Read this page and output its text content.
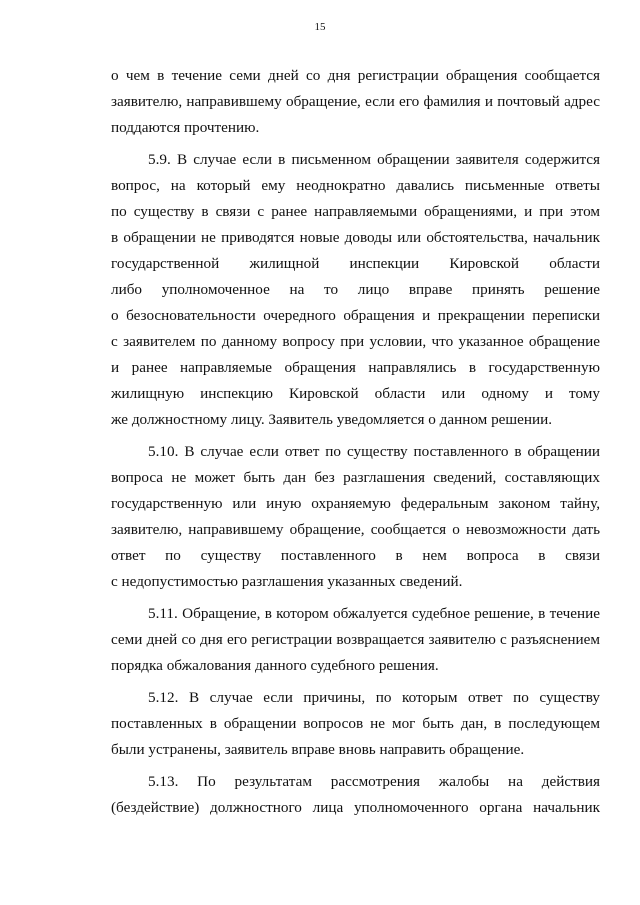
15
о чем в течение семи дней со дня регистрации обращения сообщается
заявителю, направившему обращение, если его фамилия и почтовый адрес
поддаются прочтению.
5.9. В случае если в письменном обращении заявителя содержится
вопрос, на который ему неоднократно давались письменные ответы
по существу в связи с ранее направляемыми обращениями, и при этом
в обращении не приводятся новые доводы или обстоятельства, начальник
государственной жилищной инспекции Кировской области
либо уполномоченное на то лицо вправе принять решение
о безосновательности очередного обращения и прекращении переписки
с заявителем по данному вопросу при условии, что указанное обращение
и ранее направляемые обращения направлялись в государственную
жилищную инспекцию Кировской области или одному и тому
же должностному лицу. Заявитель уведомляется о данном решении.
5.10. В случае если ответ по существу поставленного в обращении
вопроса не может быть дан без разглашения сведений, составляющих
государственную или иную охраняемую федеральным законом тайну,
заявителю, направившему обращение, сообщается о невозможности дать
ответ по существу поставленного в нем вопроса в связи
с недопустимостью разглашения указанных сведений.
5.11. Обращение, в котором обжалуется судебное решение, в течение
семи дней со дня его регистрации возвращается заявителю с разъяснением
порядка обжалования данного судебного решения.
5.12. В случае если причины, по которым ответ по существу
поставленных в обращении вопросов не мог быть дан, в последующем
были устранены, заявитель вправе вновь направить обращение.
5.13. По результатам рассмотрения жалобы на действия
(бездействие) должностного лица уполномоченного органа начальник
